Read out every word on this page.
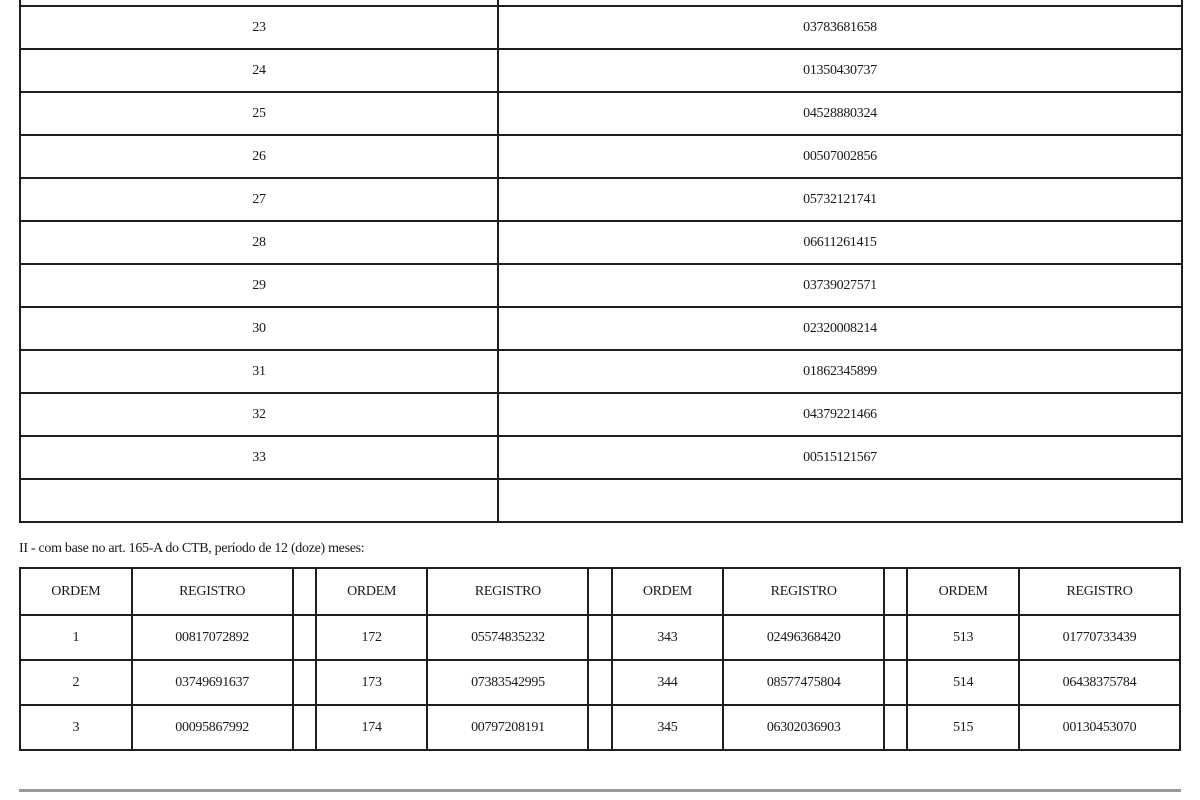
23	03783681658
24	01350430737
25	04528880324
26	00507002856
27	05732121741
28	06611261415
29	03739027571
30	02320008214
31	01862345899
32	04379221466
33	00515121567

II - com base no art. 165-A do CTB, período de 12 (doze) meses:
ORDEM	REGISTRO		ORDEM	REGISTRO		ORDEM	REGISTRO		ORDEM	REGISTRO
1	00817072892		172	05574835232		343	02496368420		513	01770733439
2	03749691637		173	07383542995		344	08577475804		514	06438375784
3	00095867992		174	00797208191		345	06302036903		515	00130453070
